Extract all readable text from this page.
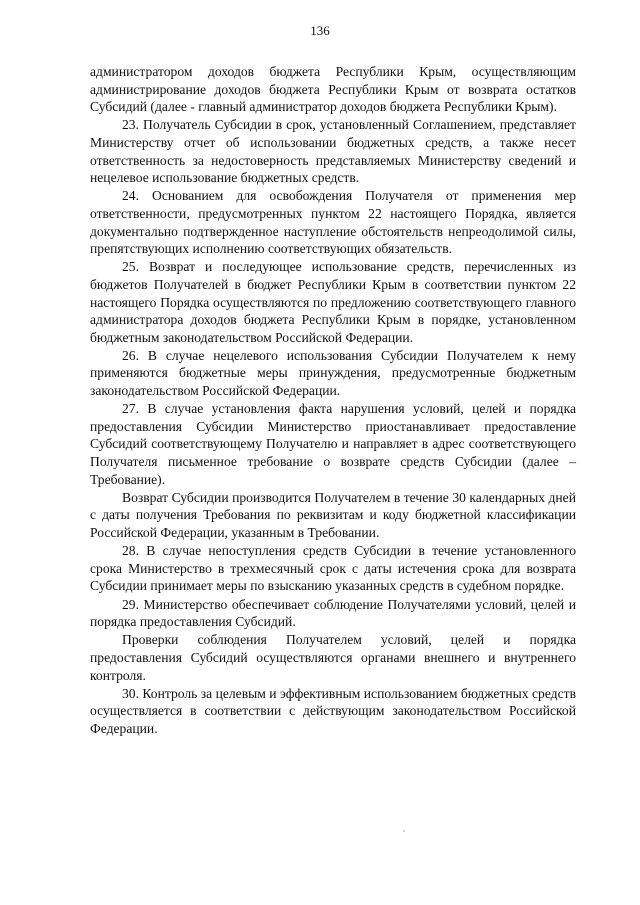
136

администратором доходов бюджета Республики Крым, осуществляющим администрирование доходов бюджета Республики Крым от возврата остатков Субсидий (далее - главный администратор доходов бюджета Республики Крым).

23. Получатель Субсидии в срок, установленный Соглашением, представляет Министерству отчет об использовании бюджетных средств, а также несет ответственность за недостоверность представляемых Министерству сведений и нецелевое использование бюджетных средств.

24. Основанием для освобождения Получателя от применения мер ответственности, предусмотренных пунктом 22 настоящего Порядка, является документально подтвержденное наступление обстоятельств непреодолимой силы, препятствующих исполнению соответствующих обязательств.

25. Возврат и последующее использование средств, перечисленных из бюджетов Получателей в бюджет Республики Крым в соответствии пунктом 22 настоящего Порядка осуществляются по предложению соответствующего главного администратора доходов бюджета Республики Крым в порядке, установленном бюджетным законодательством Российской Федерации.

26. В случае нецелевого использования Субсидии Получателем к нему применяются бюджетные меры принуждения, предусмотренные бюджетным законодательством Российской Федерации.

27. В случае установления факта нарушения условий, целей и порядка предоставления Субсидии Министерство приостанавливает предоставление Субсидий соответствующему Получателю и направляет в адрес соответствующего Получателя письменное требование о возврате средств Субсидии (далее – Требование).

Возврат Субсидии производится Получателем в течение 30 календарных дней с даты получения Требования по реквизитам и коду бюджетной классификации Российской Федерации, указанным в Требовании.

28. В случае непоступления средств Субсидии в течение установленного срока Министерство в трехмесячный срок с даты истечения срока для возврата Субсидии принимает меры по взысканию указанных средств в судебном порядке.

29. Министерство обеспечивает соблюдение Получателями условий, целей и порядка предоставления Субсидий.

Проверки соблюдения Получателем условий, целей и порядка предоставления Субсидий осуществляются органами внешнего и внутреннего контроля.

30. Контроль за целевым и эффективным использованием бюджетных средств осуществляется в соответствии с действующим законодательством Российской Федерации.
